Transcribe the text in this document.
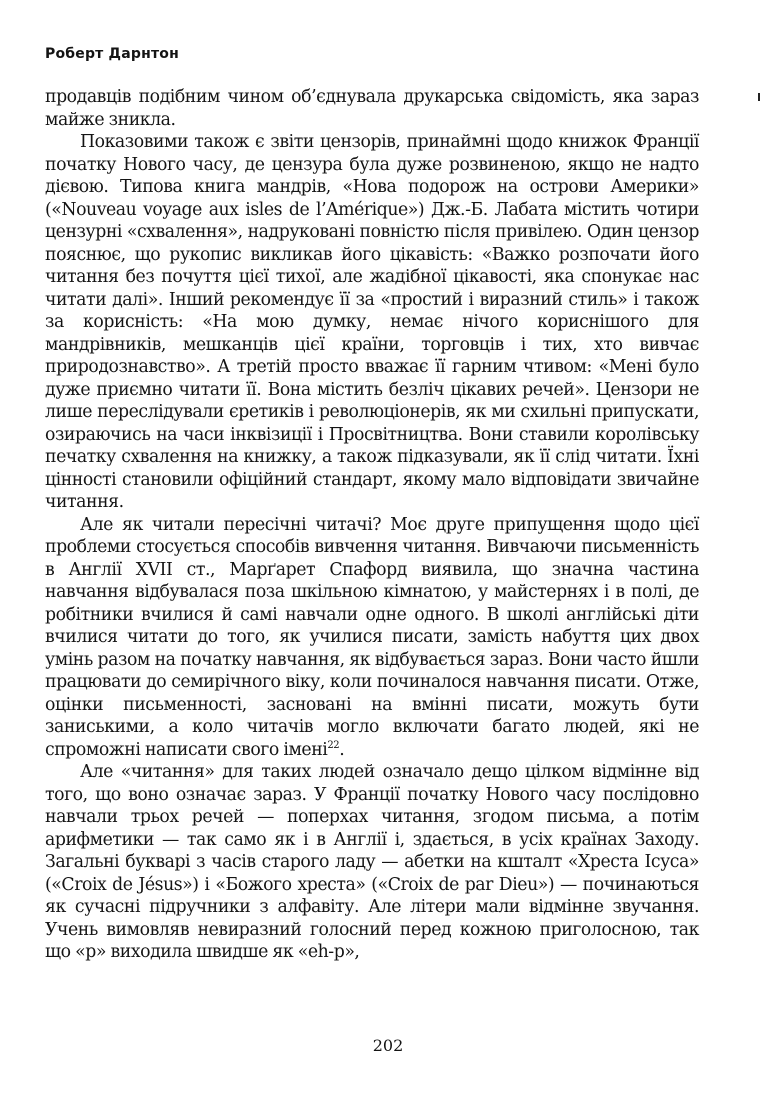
Роберт Дарнтон

продавців подібним чином об’єднувала друкарська свідомість, яка зараз майже зникла.

Показовими також є звіти цензорів, принаймні щодо книжок Франції початку Нового часу, де цензура була дуже розвиненою, якщо не надто дієвою. Типова книга мандрів, «Нова подорож на острови Америки» («Nouveau voyage aux isles de l’Amérique») Дж.-Б. Лабата містить чотири цензурні «схвалення», надруковані повністю після привілею. Один цензор пояснює, що рукопис викликав його цікавість: «Важко розпочати його читання без почуття цієї тихої, але жадібної цікавості, яка спонукає нас читати далі». Інший рекомендує її за «простий і виразний стиль» і також за корисність: «На мою думку, немає нічого кориснішого для мандрівників, мешканців цієї країни, торговців і тих, хто вивчає природознавство». А третій просто вважає її гарним чтивом: «Мені було дуже приємно читати її. Вона містить безліч цікавих речей». Цензори не лише переслідували єретиків і революціонерів, як ми схильні припускати, озираючись на часи інквізиції і Просвітництва. Вони ставили королівську печатку схвалення на книжку, а також підказували, як її слід читати. Їхні цінності становили офіційний стандарт, якому мало відповідати звичайне читання.

Але як читали пересічні читачі? Моє друге припущення щодо цієї проблеми стосується способів вивчення читання. Вивчаючи письменність в Англії XVII ст., Марґарет Спафорд виявила, що значна частина навчання відбувалася поза шкільною кімнатою, у майстернях і в полі, де робітники вчилися й самі навчали одне одного. В школі англійські діти вчилися читати до того, як училися писати, замість набуття цих двох умінь разом на початку навчання, як відбувається зараз. Вони часто йшли працювати до семирічного віку, коли починалося навчання писати. Отже, оцінки письменності, засновані на вмінні писати, можуть бути заниськими, а коло читачів могло включати багато людей, які не спроможні написати свого імені$^{22}$.

Але «читання» для таких людей означало дещо цілком відмінне від того, що воно означає зараз. У Франції початку Нового часу послідовно навчали трьох речей — поперхах читання, згодом письма, а потім арифметики — так само як і в Англії і, здається, в усіх країнах Заходу. Загальні букварі з часів старого ладу — абетки на кшталт «Хреста Ісуса» («Croix de Jésus») і «Божого хреста» («Croix de par Dieu») — починаються як сучасні підручники з алфавіту. Але літери мали відмінне звучання. Учень вимовляв невиразний голосний перед кожною приголосною, так що «р» виходила швидше як «eh-р»,

202
